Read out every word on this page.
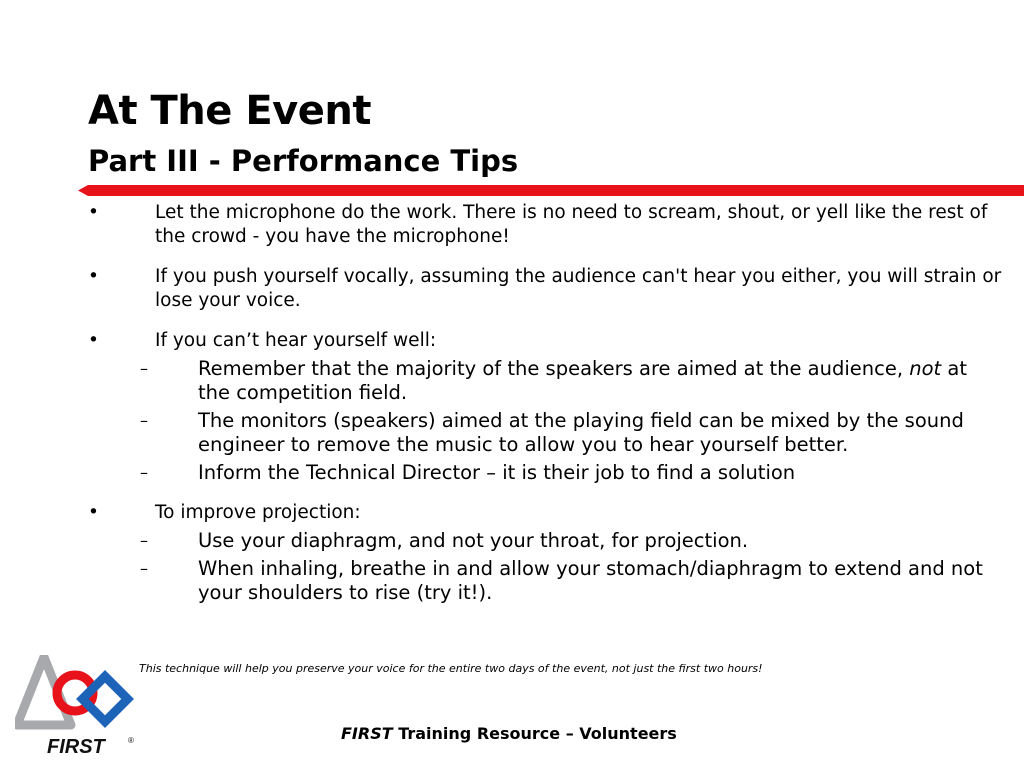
At The Event
Part III - Performance Tips
•	Let the microphone do the work. There is no need to scream, shout, or yell like the rest of the crowd - you have the microphone!
•	If you push yourself vocally, assuming the audience can't hear you either, you will strain or lose your voice.
•	If you can’t hear yourself well:
–	Remember that the majority of the speakers are aimed at the audience, not at the competition field.
–	The monitors (speakers) aimed at the playing field can be mixed by the sound engineer to remove the music to allow you to hear yourself better.
–	Inform the Technical Director – it is their job to find a solution
•	To improve projection:
–	Use your diaphragm, and not your throat, for projection.
–	When inhaling, breathe in and allow your stomach/diaphragm to extend and not your shoulders to rise (try it!).
This technique will help you preserve your voice for the entire two days of the event, not just the first two hours!
FIRST	®	FIRST Training Resource – Volunteers
